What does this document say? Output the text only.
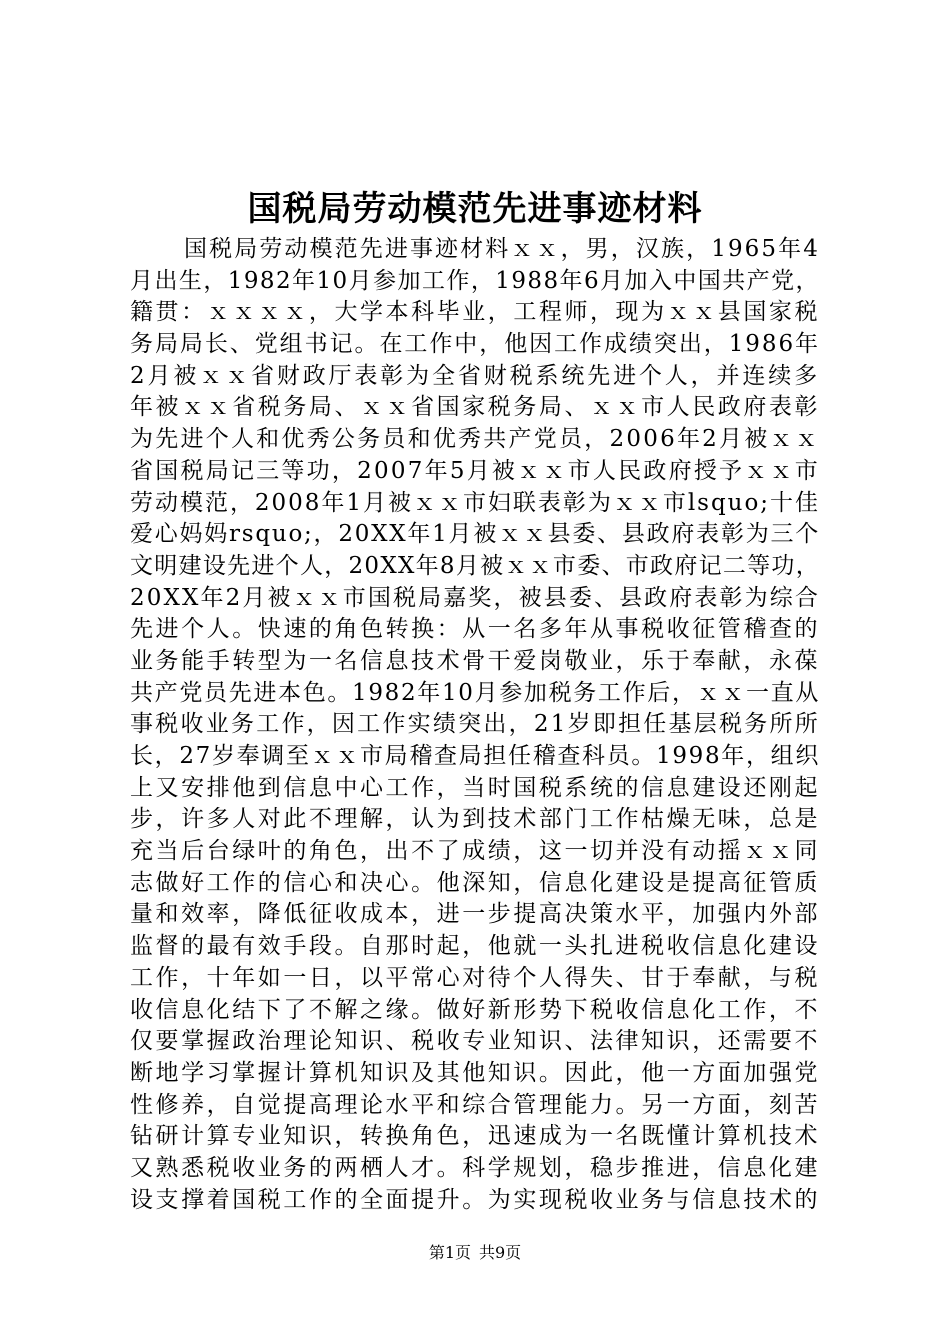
国税局劳动模范先进事迹材料
国税局劳动模范先进事迹材料ｘｘ，男，汉族，1965年4
月出生，1982年10月参加工作，1988年6月加入中国共产党，
籍贯：ｘｘｘｘ，大学本科毕业，工程师，现为ｘｘ县国家税
务局局长、党组书记。在工作中，他因工作成绩突出，1986年
2月被ｘｘ省财政厅表彰为全省财税系统先进个人，并连续多
年被ｘｘ省税务局、ｘｘ省国家税务局、ｘｘ市人民政府表彰
为先进个人和优秀公务员和优秀共产党员，2006年2月被ｘｘ
省国税局记三等功，2007年5月被ｘｘ市人民政府授予ｘｘ市
劳动模范，2008年1月被ｘｘ市妇联表彰为ｘｘ市lsquo;十佳
爱心妈妈rsquo;，20XX年1月被ｘｘ县委、县政府表彰为三个
文明建设先进个人，20XX年8月被ｘｘ市委、市政府记二等功，
20XX年2月被ｘｘ市国税局嘉奖，被县委、县政府表彰为综合
先进个人。快速的角色转换：从一名多年从事税收征管稽查的
业务能手转型为一名信息技术骨干爱岗敬业，乐于奉献，永葆
共产党员先进本色。1982年10月参加税务工作后，ｘｘ一直从
事税收业务工作，因工作实绩突出，21岁即担任基层税务所所
长，27岁奉调至ｘｘ市局稽查局担任稽查科员。1998年，组织
上又安排他到信息中心工作，当时国税系统的信息建设还刚起
步，许多人对此不理解，认为到技术部门工作枯燥无味，总是
充当后台绿叶的角色，出不了成绩，这一切并没有动摇ｘｘ同
志做好工作的信心和决心。他深知，信息化建设是提高征管质
量和效率，降低征收成本，进一步提高决策水平，加强内外部
监督的最有效手段。自那时起，他就一头扎进税收信息化建设
工作，十年如一日，以平常心对待个人得失、甘于奉献，与税
收信息化结下了不解之缘。做好新形势下税收信息化工作，不
仅要掌握政治理论知识、税收专业知识、法律知识，还需要不
断地学习掌握计算机知识及其他知识。因此，他一方面加强党
性修养，自觉提高理论水平和综合管理能力。另一方面，刻苦
钻研计算专业知识，转换角色，迅速成为一名既懂计算机技术
又熟悉税收业务的两栖人才。科学规划，稳步推进，信息化建
设支撑着国税工作的全面提升。为实现税收业务与信息技术的
第1页 共9页
